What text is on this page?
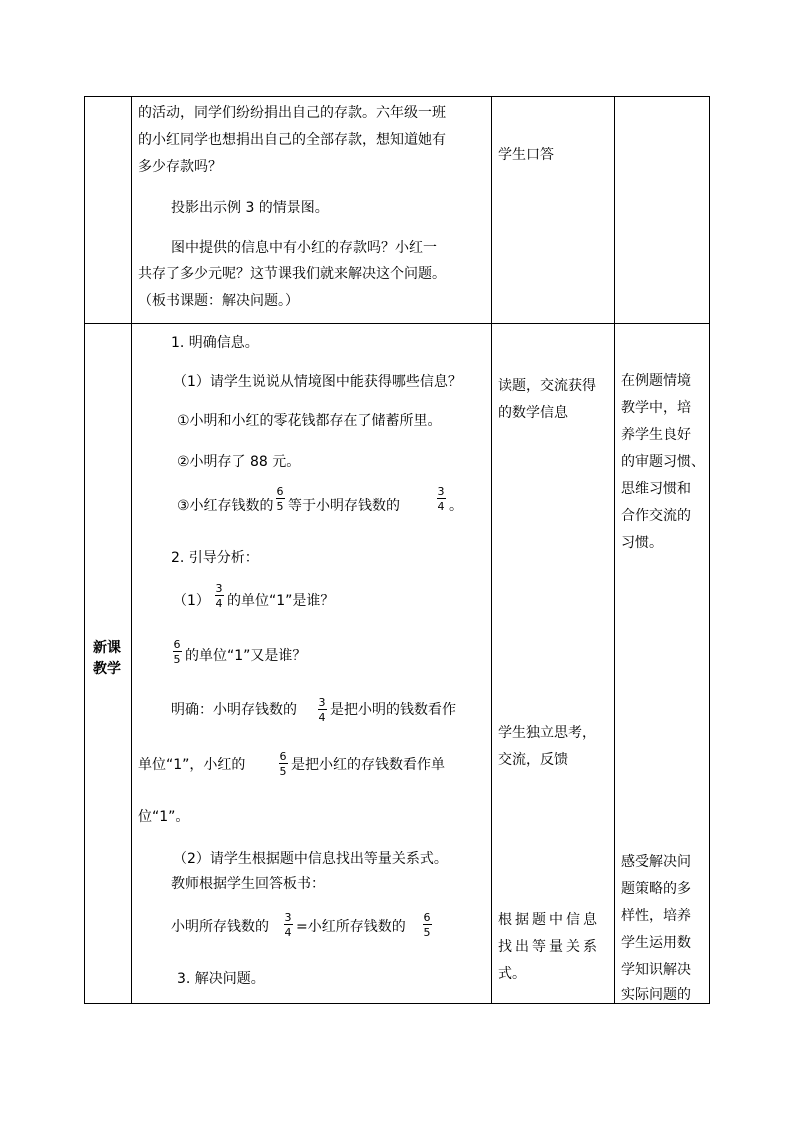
的活动，同学们纷纷捐出自己的存款。六年级一班
的小红同学也想捐出自己的全部存款，想知道她有
多少存款吗？
投影出示例 3 的情景图。
图中提供的信息中有小红的存款吗？小红一
共存了多少元呢？这节课我们就来解决这个问题。
（板书课题：解决问题。）
学生口答
新课
教学
1. 明确信息。
（1）请学生说说从情境图中能获得哪些信息？
①小明和小红的零花钱都存在了储蓄所里。
②小明存了 88 元。
③小红存钱数的
6
5 等于小明存钱数的
3
4 。
2. 引导分析：
（1）
3
4 的单位“1”是谁？
6
5 的单位“1”又是谁？
明确：小明存钱数的 3
4 是把小明的钱数看作
单位“1”，小红的
6
5 是把小红的存钱数看作单
位“1”。
（2）请学生根据题中信息找出等量关系式。
教师根据学生回答板书：
小明所存钱数的
3
4 =小红所存钱数的
6
5
3. 解决问题。
读题，交流获得
的数学信息
学生独立思考，
交流，反馈
根据题中信息
找出等量关系
式。
在例题情境
教学中，培
养学生良好
的审题习惯、
思维习惯和
合作交流的
习惯。
感受解决问
题策略的多
样性，培养
学生运用数
学知识解决
实际问题的
